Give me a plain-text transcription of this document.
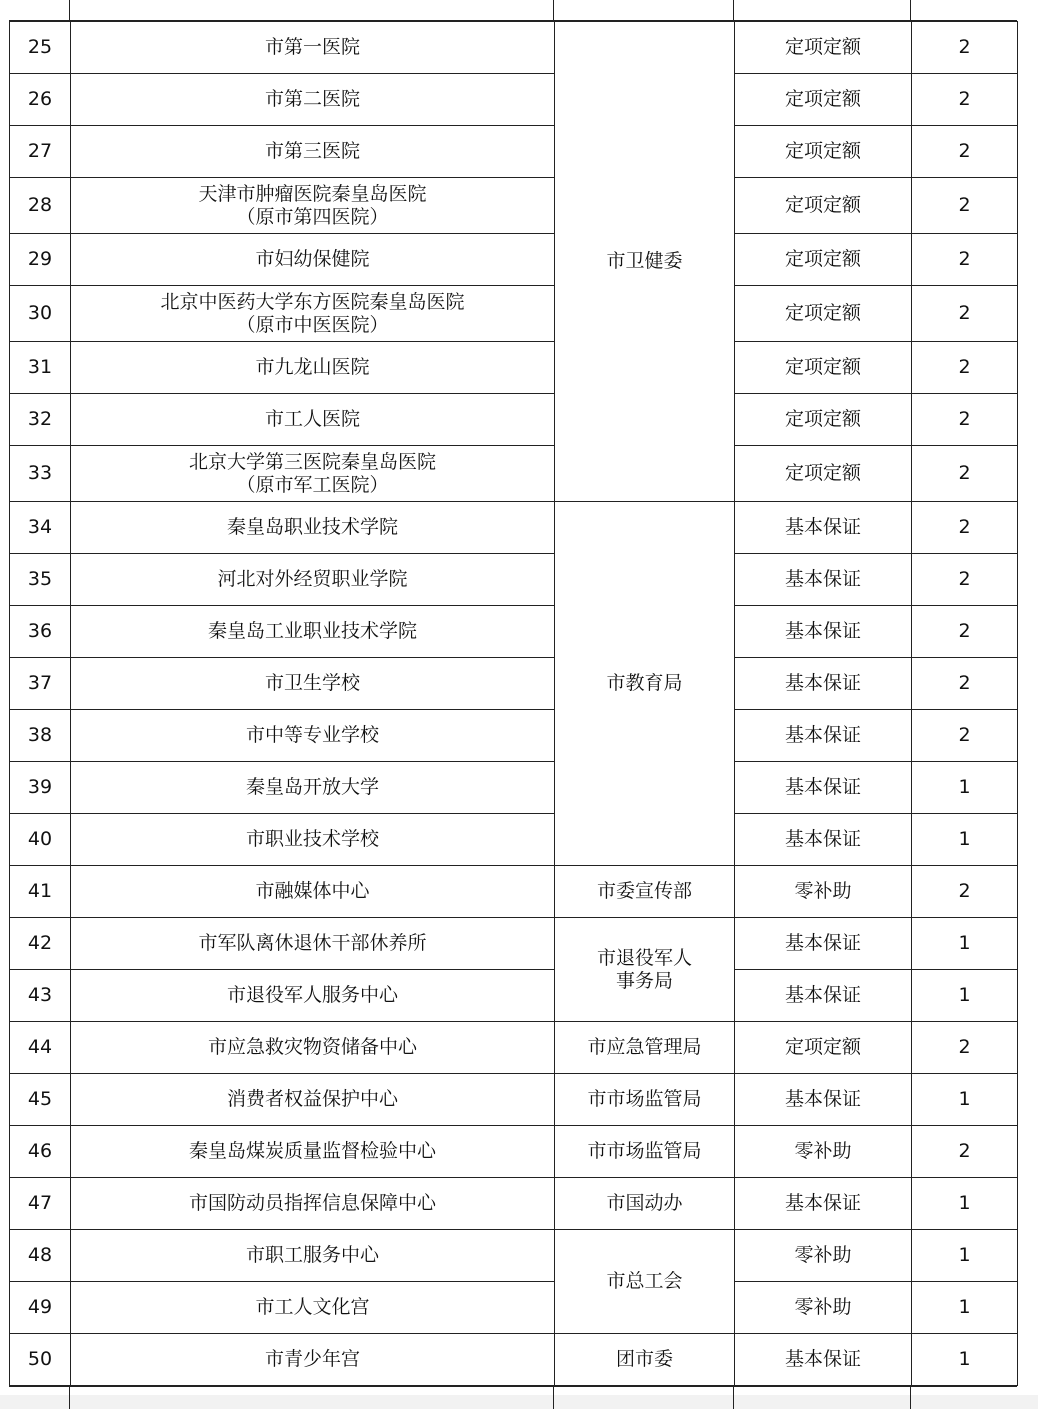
25	市第一医院	市卫健委	定项定额	2
26	市第二医院		定项定额	2
27	市第三医院		定项定额	2
28	天津市肿瘤医院秦皇岛医院
（原市第四医院）		定项定额	2
29	市妇幼保健院		定项定额	2
30	北京中医药大学东方医院秦皇岛医院
（原市中医医院）		定项定额	2
31	市九龙山医院		定项定额	2
32	市工人医院		定项定额	2
33	北京大学第三医院秦皇岛医院
（原市军工医院）		定项定额	2
34	秦皇岛职业技术学院	市教育局	基本保证	2
35	河北对外经贸职业学院		基本保证	2
36	秦皇岛工业职业技术学院		基本保证	2
37	市卫生学校		基本保证	2
38	市中等专业学校		基本保证	2
39	秦皇岛开放大学		基本保证	1
40	市职业技术学校		基本保证	1
41	市融媒体中心	市委宣传部	零补助	2
42	市军队离休退休干部休养所	市退役军人
事务局	基本保证	1
43	市退役军人服务中心		基本保证	1
44	市应急救灾物资储备中心	市应急管理局	定项定额	2
45	消费者权益保护中心	市市场监管局	基本保证	1
46	秦皇岛煤炭质量监督检验中心	市市场监管局	零补助	2
47	市国防动员指挥信息保障中心	市国动办	基本保证	1
48	市职工服务中心	市总工会	零补助	1
49	市工人文化宫		零补助	1
50	市青少年宫	团市委	基本保证	1
